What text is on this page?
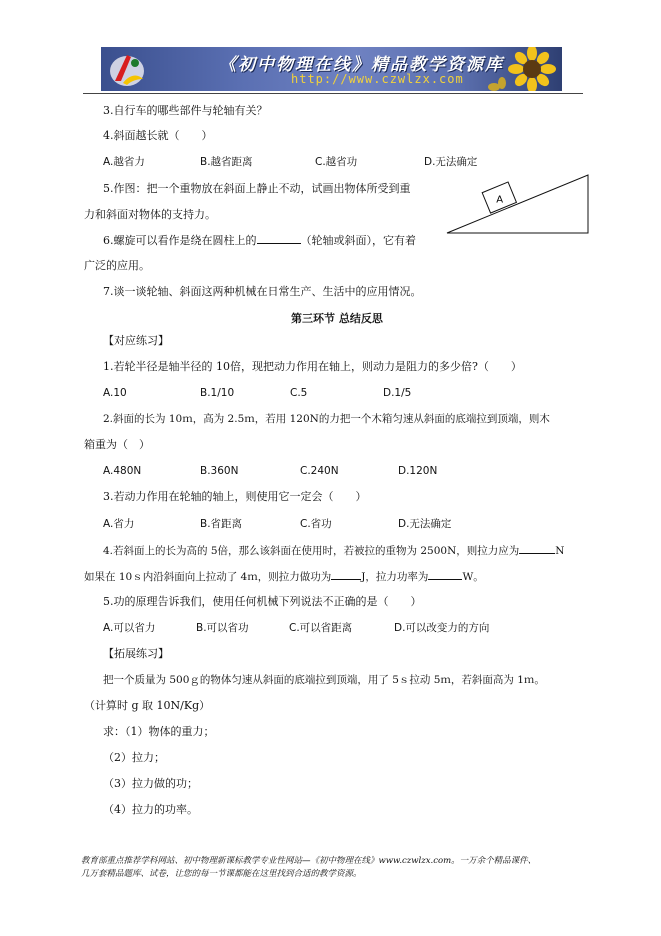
《初中物理在线》精品教学资源库
http://www.czwlzx.com
3.自行车的哪些部件与轮轴有关？
4.斜面越长就（　　）
A.越省力	B.越省距离	C.越省功	D.无法确定
5.作图：把一个重物放在斜面上静止不动，试画出物体所受到重
力和斜面对物体的支持力。
A
6.螺旋可以看作是绕在圆柱上的	（轮轴或斜面），它有着
广泛的应用。
7.谈一谈轮轴、斜面这两种机械在日常生产、生活中的应用情况。
第三环节 总结反思
【对应练习】
1.若轮半径是轴半径的 10倍，现把动力作用在轴上，则动力是阻力的多少倍?（　　）
A.10	B.1/10	C.5	D.1/5
2.斜面的长为 10ｍ，高为 2.5ｍ，若用 120N的力把一个木箱匀速从斜面的底端拉到顶端，则木
箱重为（　）
A.480N	B.360N	C.240N	D.120N
3.若动力作用在轮轴的轴上，则使用它一定会（　　）
A.省力	B.省距离	C.省功	D.无法确定
4.若斜面上的长为高的 5倍，那么该斜面在使用时，若被拉的重物为 2500N，则拉力应为	N
如果在 10ｓ内沿斜面向上拉动了 4ｍ，则拉力做功为	J，拉力功率为	W。
5.功的原理告诉我们，使用任何机械下列说法不正确的是（　　）
A.可以省力	B.可以省功	C.可以省距离	D.可以改变力的方向
【拓展练习】
把一个质量为 500ｇ的物体匀速从斜面的底端拉到顶端，用了 5ｓ拉动 5ｍ，若斜面高为 1ｍ。
（计算时 g 取 10N/Kg）
求：（1）物体的重力；
（2）拉力；
（3）拉力做的功；
（4）拉力的功率。
教育部重点推荐学科网站、初中物理新课标教学专业性网站—《初中物理在线》www.czwlzx.com。一万余个精品课件、
几万套精品题库、试卷，让您的每一节课都能在这里找到合适的教学资源。
